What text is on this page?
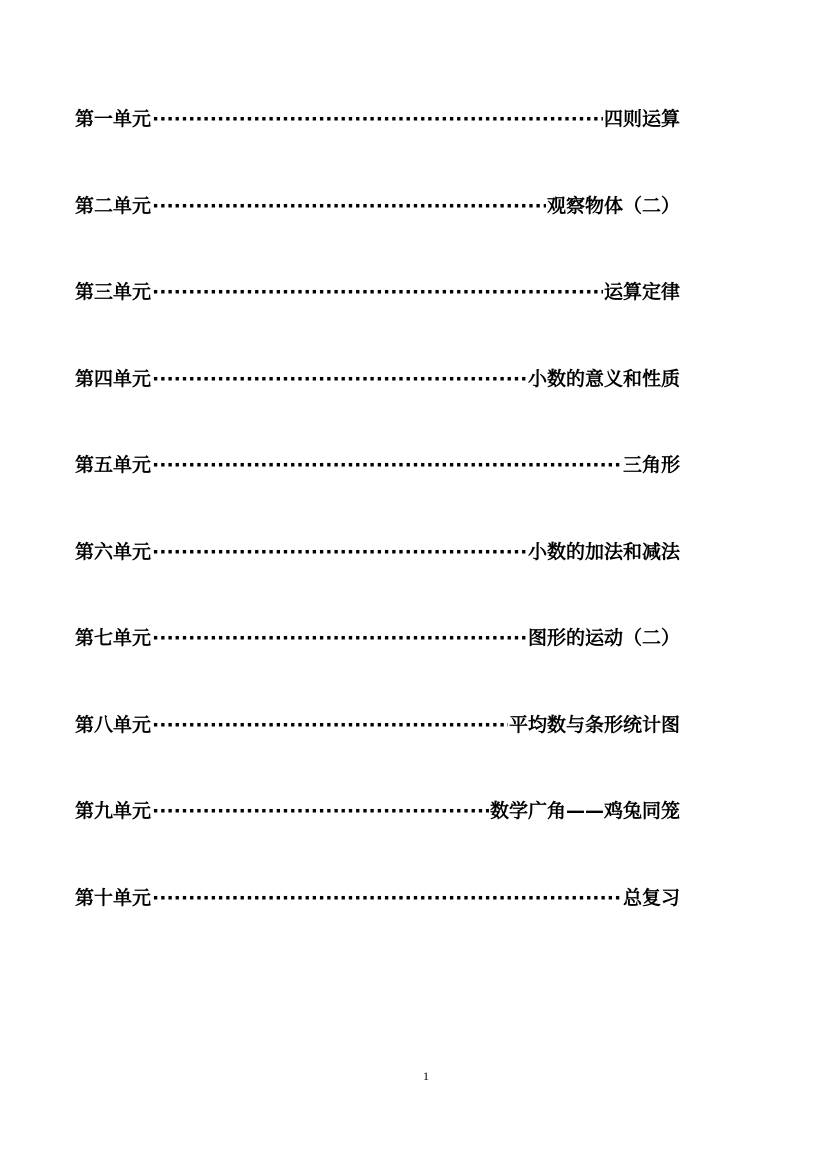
第一单元 ·····	四则运算
第二单元 ·····	观察物体（二）
第三单元 ·····	运算定律
第四单元 ·····	小数的意义和性质
第五单元 ·····	三角形
第六单元 ·····	小数的加法和减法
第七单元 ·····	图形的运动（二）
第八单元 ·····	平均数与条形统计图
第九单元 ·····	数学广角——鸡兔同笼
第十单元 ·····	总复习
1
